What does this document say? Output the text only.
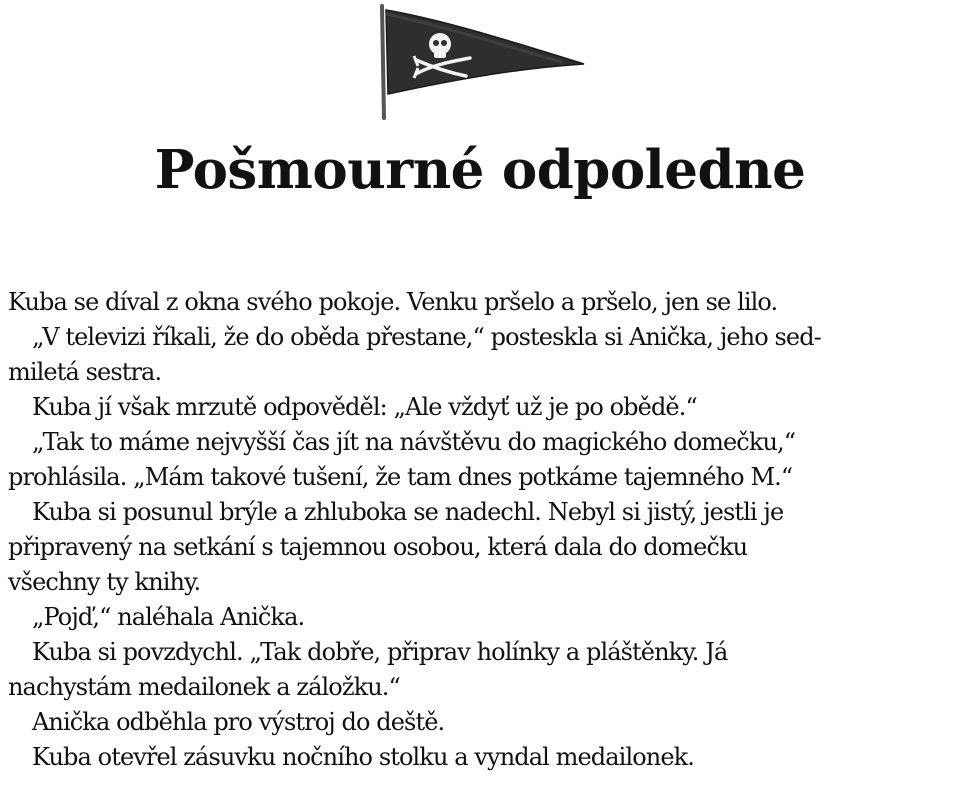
Pošmourné odpoledne
Kuba se díval z okna svého pokoje. Venku pršelo a pršelo, jen se lilo.
„V televizi říkali, že do oběda přestane,“ posteskla si Anička, jeho sed-
miletá sestra.
Kuba jí však mrzutě odpověděl: „Ale vždyť už je po obědě.“
„Tak to máme nejvyšší čas jít na návštěvu do magického domečku,“
prohlásila. „Mám takové tušení, že tam dnes potkáme tajemného M.“
Kuba si posunul brýle a zhluboka se nadechl. Nebyl si jistý, jestli je
připravený na setkání s tajemnou osobou, která dala do domečku
všechny ty knihy.
„Pojď,“ naléhala Anička.
Kuba si povzdychl. „Tak dobře, připrav holínky a pláštěnky. Já
nachystám medailonek a záložku.“
Anička odběhla pro výstroj do deště.
Kuba otevřel zásuvku nočního stolku a vyndal medailonek.
